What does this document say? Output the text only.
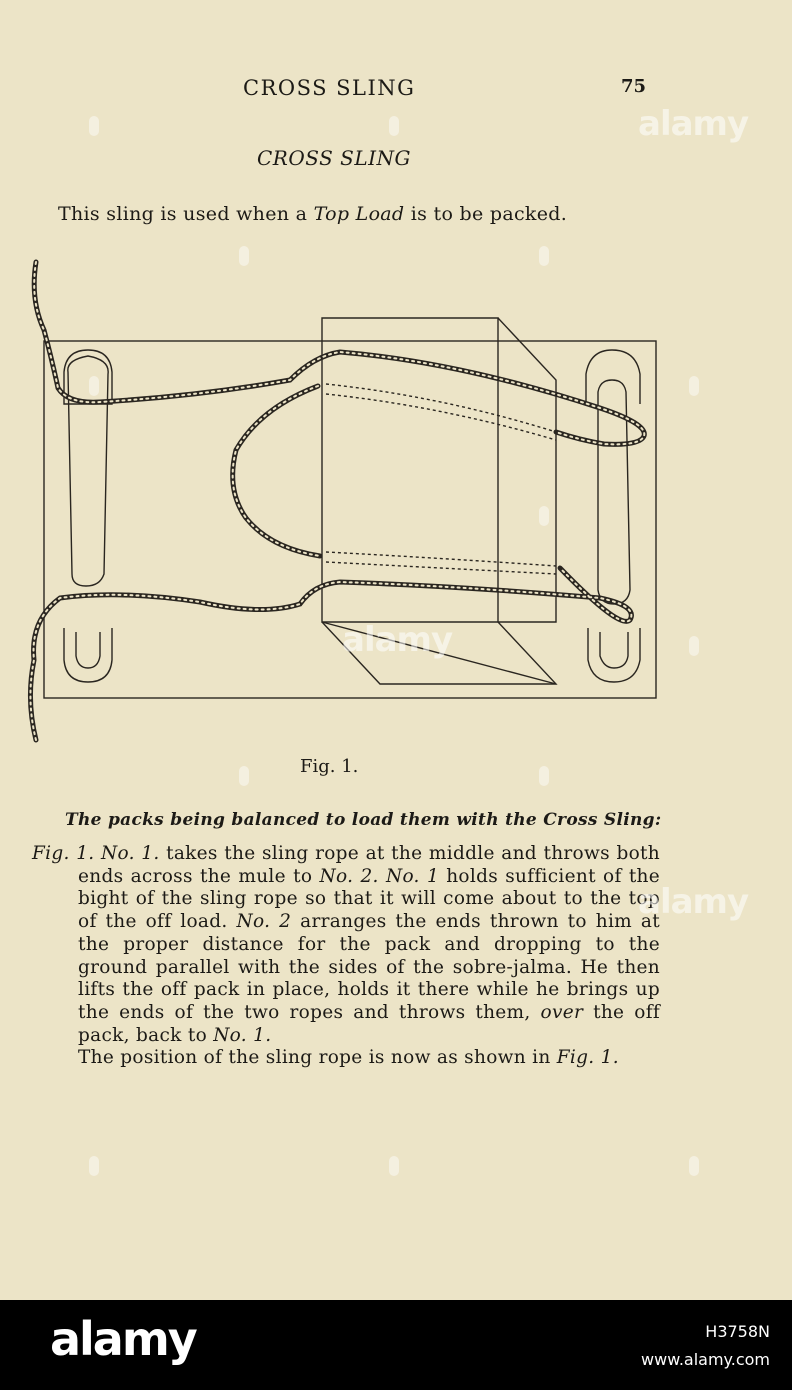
CROSS SLING	75
CROSS SLING
This sling is used when a Top Load is to be packed.
Fig. 1.
The packs being balanced to load them with the Cross Sling:

Fig. 1. No. 1. takes the sling rope at the middle and throws both ends across the mule to No. 2. No. 1 holds sufficient of the bight of the sling rope so that it will come about to the top of the off load. No. 2 arranges the ends thrown to him at the proper distance for the pack and dropping to the ground parallel with the sides of the sobre-jalma. He then lifts the off pack in place, holds it there while he brings up the ends of the two ropes and throws them, over the off pack, back to No. 1.

The position of the sling rope is now as shown in Fig. 1.

alamy
alamy
alamy
alamy	H3758N
www.alamy.com
